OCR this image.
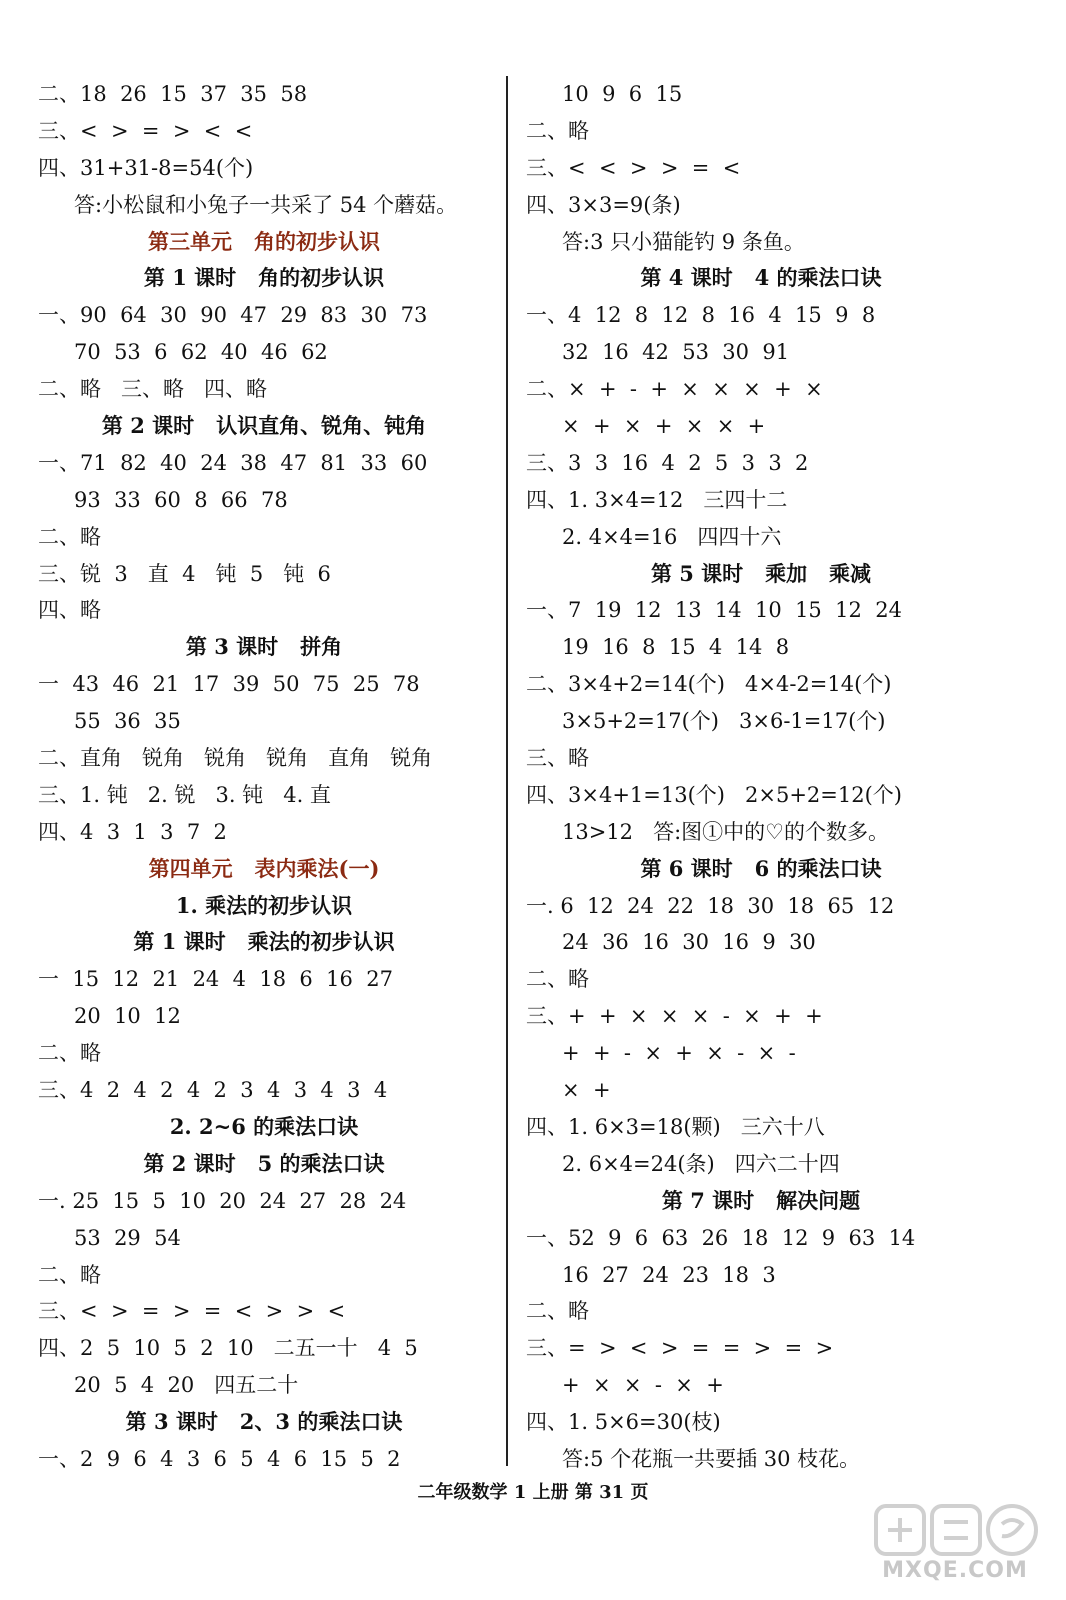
二、18  26  15  37  35  58
三、<  >  =  >  <  <
四、31+31-8=54(个)
答:小松鼠和小兔子一共采了 54 个蘑菇。
第三单元   角的初步认识
第 1 课时   角的初步认识
一、90  64  30  90  47  29  83  30  73
70  53  6  62  40  46  62
二、略   三、略   四、略
第 2 课时   认识直角、锐角、钝角
一、71  82  40  24  38  47  81  33  60
93  33  60  8  66  78
二、略
三、锐  3   直  4   钝  5   钝  6
四、略
第 3 课时   拼角
一  43  46  21  17  39  50  75  25  78
55  36  35
二、直角   锐角   锐角   锐角   直角   锐角
三、1. 钝   2. 锐   3. 钝   4. 直
四、4  3  1  3  7  2
第四单元   表内乘法(一)
1. 乘法的初步认识
第 1 课时   乘法的初步认识
一  15  12  21  24  4  18  6  16  27
20  10  12
二、略
三、4  2  4  2  4  2  3  4  3  4  3  4
2. 2~6 的乘法口诀
第 2 课时   5 的乘法口诀
一. 25  15  5  10  20  24  27  28  24
53  29  54
二、略
三、<  >  =  >  =  <  >  >  <
四、2  5  10  5  2  10   二五一十   4  5
20  5  4  20   四五二十
第 3 课时   2、3 的乘法口诀
一、2  9  6  4  3  6  5  4  6  15  5  2
10  9  6  15
二、略
三、<  <  >  >  =  <
四、3×3=9(条)
答:3 只小猫能钓 9 条鱼。
第 4 课时   4 的乘法口诀
一、4  12  8  12  8  16  4  15  9  8
32  16  42  53  30  91
二、×  +  -  +  ×  ×  ×  +  ×
×  +  ×  +  ×  ×  +
三、3  3  16  4  2  5  3  3  2
四、1. 3×4=12   三四十二
2. 4×4=16   四四十六
第 5 课时   乘加   乘减
一、7  19  12  13  14  10  15  12  24
19  16  8  15  4  14  8
二、3×4+2=14(个)   4×4-2=14(个)
3×5+2=17(个)   3×6-1=17(个)
三、略
四、3×4+1=13(个)   2×5+2=12(个)
13>12   答:图①中的♡的个数多。
第 6 课时   6 的乘法口诀
一. 6  12  24  22  18  30  18  65  12
24  36  16  30  16  9  30
二、略
三、+  +  ×  ×  ×  -  ×  +  +
+  +  -  ×  +  ×  -  ×  -
×  +
四、1. 6×3=18(颗)   三六十八
2. 6×4=24(条)   四六二十四
第 7 课时   解决问题
一、52  9  6  63  26  18  12  9  63  14
16  27  24  23  18  3
二、略
三、=  >  <  >  =  =  >  =  >
+  ×  ×  -  ×  +
四、1. 5×6=30(枝)
答:5 个花瓶一共要插 30 枝花。
二年级数学 1 上册 第 31 页
MXQE.COM
